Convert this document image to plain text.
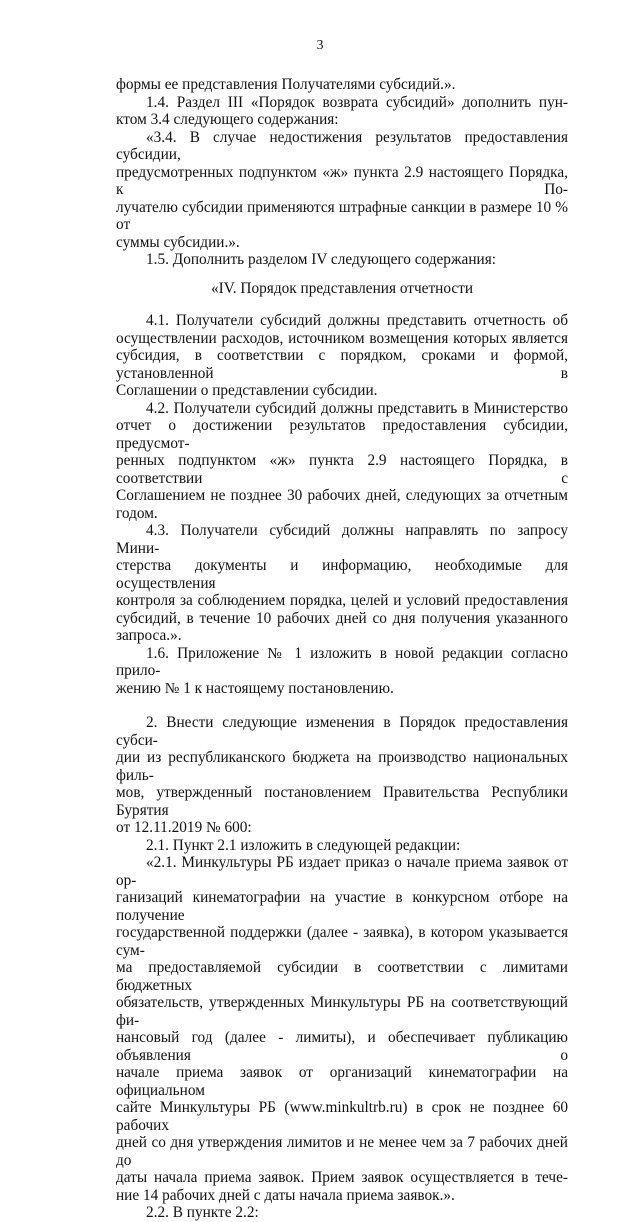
3
формы ее представления Получателями субсидий.».
1.4. Раздел III «Порядок возврата субсидий» дополнить пун-
ктом 3.4 следующего содержания:
«3.4. В случае недостижения результатов предоставления субсидии,
предусмотренных подпунктом «ж» пункта 2.9 настоящего Порядка, к По-
лучателю субсидии применяются штрафные санкции в размере 10 % от
суммы субсидии.».
1.5. Дополнить разделом IV следующего содержания:
«IV. Порядок представления отчетности
4.1. Получатели субсидий должны представить отчетность об
осуществлении расходов, источником возмещения которых является
субсидия, в соответствии с порядком, сроками и формой, установленной в
Соглашении о представлении субсидии.
4.2. Получатели субсидий должны представить в Министерство
отчет о достижении результатов предоставления субсидии, предусмот-
ренных подпунктом «ж» пункта 2.9 настоящего Порядка, в соответствии с
Соглашением не позднее 30 рабочих дней, следующих за отчетным
годом.
4.3. Получатели субсидий должны направлять по запросу Мини-
стерства документы и информацию, необходимые для осуществления
контроля за соблюдением порядка, целей и условий предоставления
субсидий, в течение 10 рабочих дней со дня получения указанного
запроса.».
1.6. Приложение № 1 изложить в новой редакции согласно прило-
жению № 1 к настоящему постановлению.
2. Внести следующие изменения в Порядок предоставления субси-
дии из республиканского бюджета на производство национальных филь-
мов, утвержденный постановлением Правительства Республики Бурятия
от 12.11.2019 № 600:
2.1. Пункт 2.1 изложить в следующей редакции:
«2.1. Минкультуры РБ издает приказ о начале приема заявок от ор-
ганизаций кинематографии на участие в конкурсном отборе на получение
государственной поддержки (далее - заявка), в котором указывается сум-
ма предоставляемой субсидии в соответствии с лимитами бюджетных
обязательств, утвержденных Минкультуры РБ на соответствующий фи-
нансовый год (далее - лимиты), и обеспечивает публикацию объявления о
начале приема заявок от организаций кинематографии на официальном
сайте Минкультуры РБ (www.minkultrb.ru) в срок не позднее 60 рабочих
дней со дня утверждения лимитов и не менее чем за 7 рабочих дней до
даты начала приема заявок. Прием заявок осуществляется в тече-
ние 14 рабочих дней с даты начала приема заявок.».
2.2. В пункте 2.2:
